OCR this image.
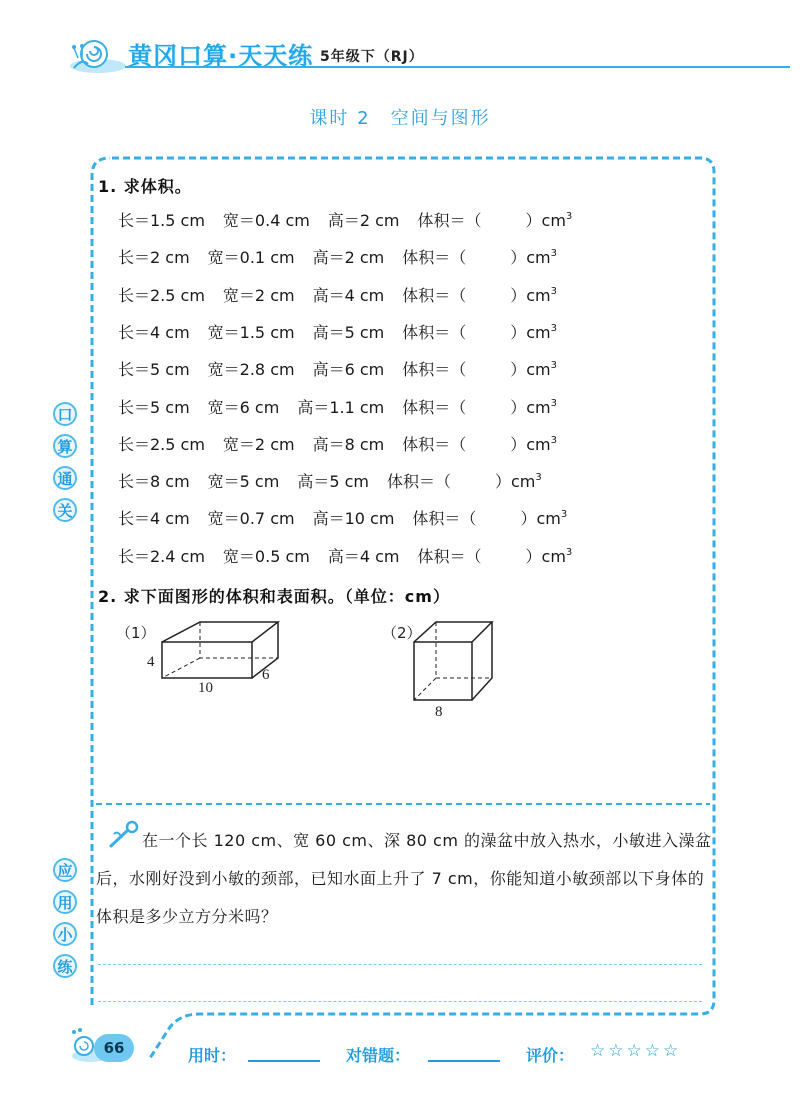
黄冈口算·天天练 5年级下（RJ）
课时 2　空间与图形
口
算
通
关
应
用
小
练
1. 求体积。
长＝1.5 cm 宽＝0.4 cm 高＝2 cm 体积＝（	）$cm^3$
长＝2 cm 宽＝0.1 cm 高＝2 cm 体积＝（	）$cm^3$
长＝2.5 cm 宽＝2 cm 高＝4 cm 体积＝（	）$cm^3$
长＝4 cm 宽＝1.5 cm 高＝5 cm 体积＝（	）$cm^3$
长＝5 cm 宽＝2.8 cm 高＝6 cm 体积＝（	）$cm^3$
长＝5 cm 宽＝6 cm 高＝1.1 cm 体积＝（	）$cm^3$
长＝2.5 cm 宽＝2 cm 高＝8 cm 体积＝（	）$cm^3$
长＝8 cm 宽＝5 cm 高＝5 cm 体积＝（	）$cm^3$
长＝4 cm 宽＝0.7 cm 高＝10 cm 体积＝（	）$cm^3$
长＝2.4 cm 宽＝0.5 cm 高＝4 cm 体积＝（	）$cm^3$
2. 求下面图形的体积和表面积。（单位：cm）
（1）
4
10
6
（2）
8
在一个长 120 cm、宽 60 cm、深 80 cm 的澡盆中放入热水，小敏进入澡盆后，水刚好没到小敏的颈部，已知水面上升了 7 cm，你能知道小敏颈部以下身体的体积是多少立方分米吗？
66	用时：	对错题：	评价： ☆☆☆☆☆
